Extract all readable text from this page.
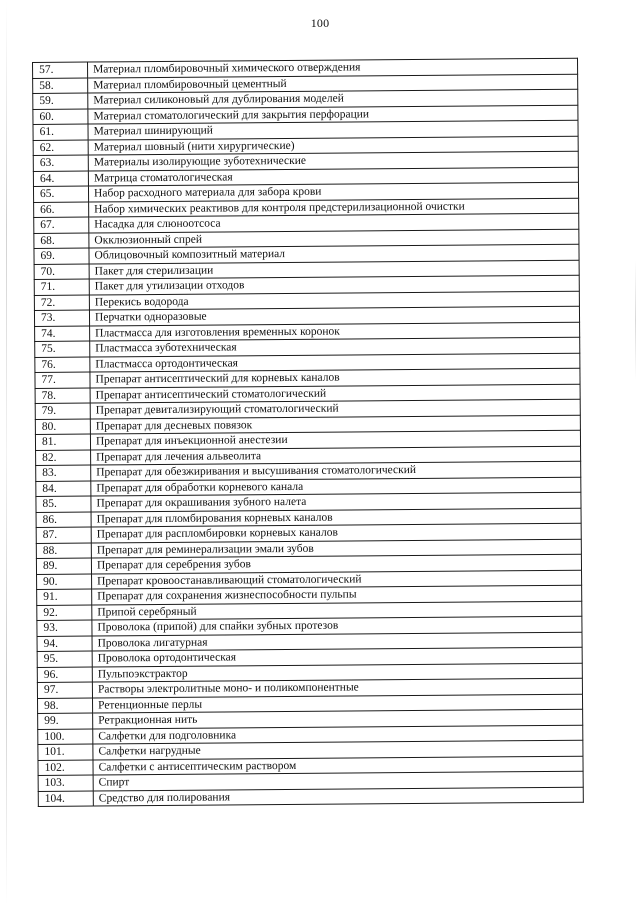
100
57.	Материал пломбировочный химического отверждения
58.	Материал пломбировочный цементный
59.	Материал силиконовый для дублирования моделей
60.	Материал стоматологический для закрытия перфорации
61.	Материал шинирующий
62.	Материал шовный (нити хирургические)
63.	Материалы изолирующие зуботехнические
64.	Матрица стоматологическая
65.	Набор расходного материала для забора крови
66.	Набор химических реактивов для контроля предстерилизационной очистки
67.	Насадка для слюноотсоса
68.	Окклюзионный спрей
69.	Облицовочный композитный материал
70.	Пакет для стерилизации
71.	Пакет для утилизации отходов
72.	Перекись водорода
73.	Перчатки одноразовые
74.	Пластмасса для изготовления временных коронок
75.	Пластмасса зуботехническая
76.	Пластмасса ортодонтическая
77.	Препарат антисептический для корневых каналов
78.	Препарат антисептический стоматологический
79.	Препарат девитализирующий стоматологический
80.	Препарат для десневых повязок
81.	Препарат для инъекционной анестезии
82.	Препарат для лечения альвеолита
83.	Препарат для обезжиривания и высушивания стоматологический
84.	Препарат для обработки корневого канала
85.	Препарат для окрашивания зубного налета
86.	Препарат для пломбирования корневых каналов
87.	Препарат для распломбировки корневых каналов
88.	Препарат для реминерализации эмали зубов
89.	Препарат для серебрения зубов
90.	Препарат кровоостанавливающий стоматологический
91.	Препарат для сохранения жизнеспособности пульпы
92.	Припой серебряный
93.	Проволока (припой) для спайки зубных протезов
94.	Проволока лигатурная
95.	Проволока ортодонтическая
96.	Пульпоэкстрактор
97.	Растворы электролитные моно- и поликомпонентные
98.	Ретенционные перлы
99.	Ретракционная нить
100.	Салфетки для подголовника
101.	Салфетки нагрудные
102.	Салфетки с антисептическим раствором
103.	Спирт
104.	Средство для полирования
